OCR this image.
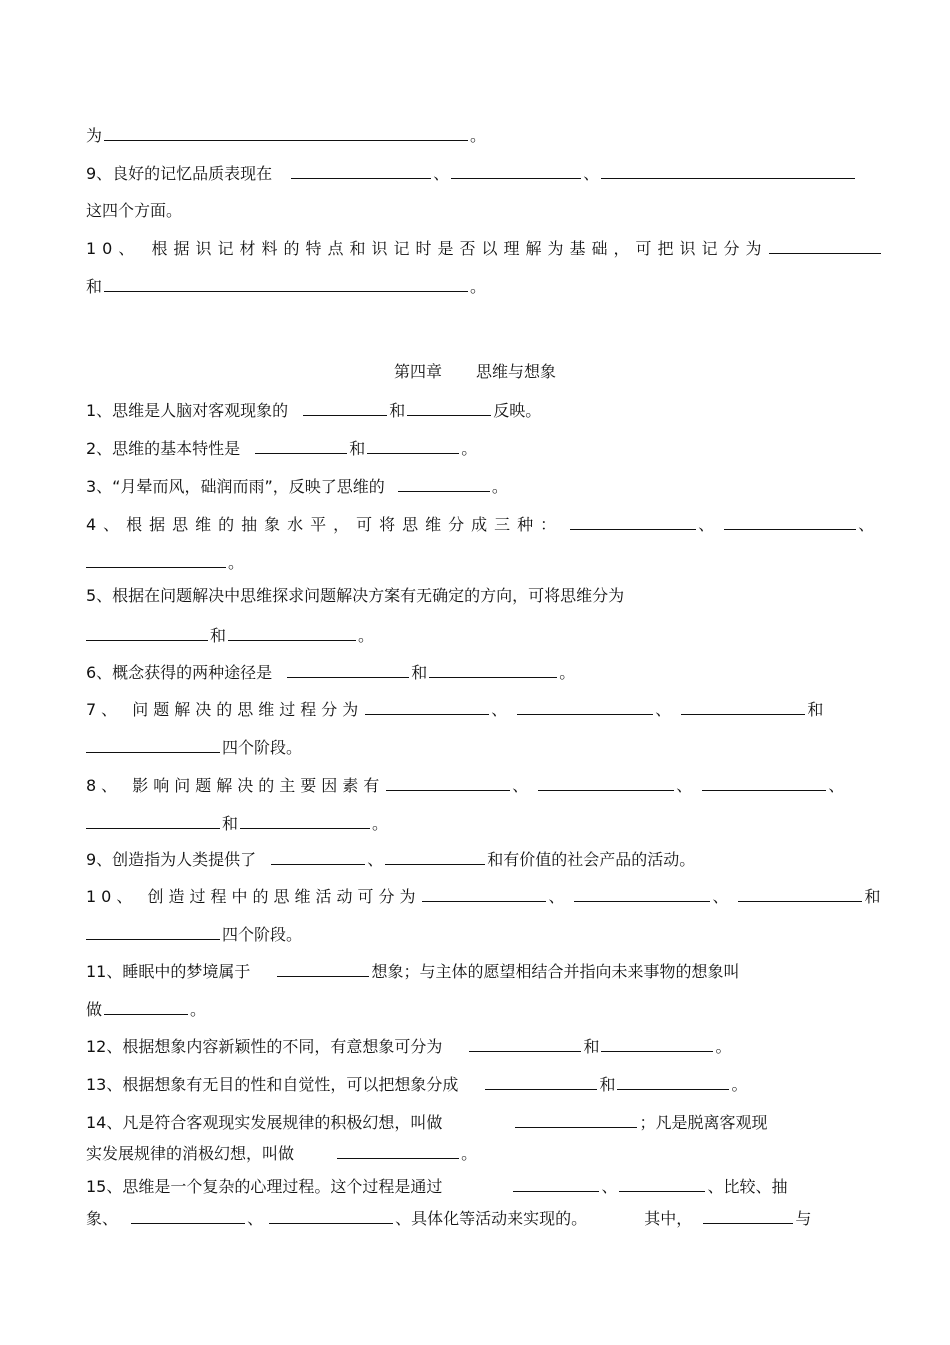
为	。
9、良好的记忆品质表现在	、	、
这四个方面。
10、 根据识记材料的特点和识记时是否以理解为基础，可把识记分为
和	。
第四章 思维与想象
1、思维是人脑对客观现象的	和	反映。
2、思维的基本特性是	和	。
3、“月晕而风，础润而雨”，反映了思维的	。
4、根据思维的抽象水平，可将思维分成三种：	、	、
。
5、根据在问题解决中思维探求问题解决方案有无确定的方向，可将思维分为
和	。
6、概念获得的两种途径是	和	。
7、 问题解决的思维过程分为	、	、	和
四个阶段。
8、 影响问题解决的主要因素有	、	、	、
和	。
9、创造指为人类提供了	、	和有价值的社会产品的活动。
10、 创造过程中的思维活动可分为	、	、	和
四个阶段。
11、睡眠中的梦境属于	想象；与主体的愿望相结合并指向未来事物的想象叫
做	。
12、根据想象内容新颖性的不同，有意想象可分为	和	。
13、根据想象有无目的性和自觉性，可以把想象分成	和	。
14、凡是符合客观现实发展规律的积极幻想，叫做	；凡是脱离客观现
实发展规律的消极幻想，叫做	。
15、思维是一个复杂的心理过程。这个过程是通过	、	、比较、抽
象、	、	、具体化等活动来实现的。	其中，	与
